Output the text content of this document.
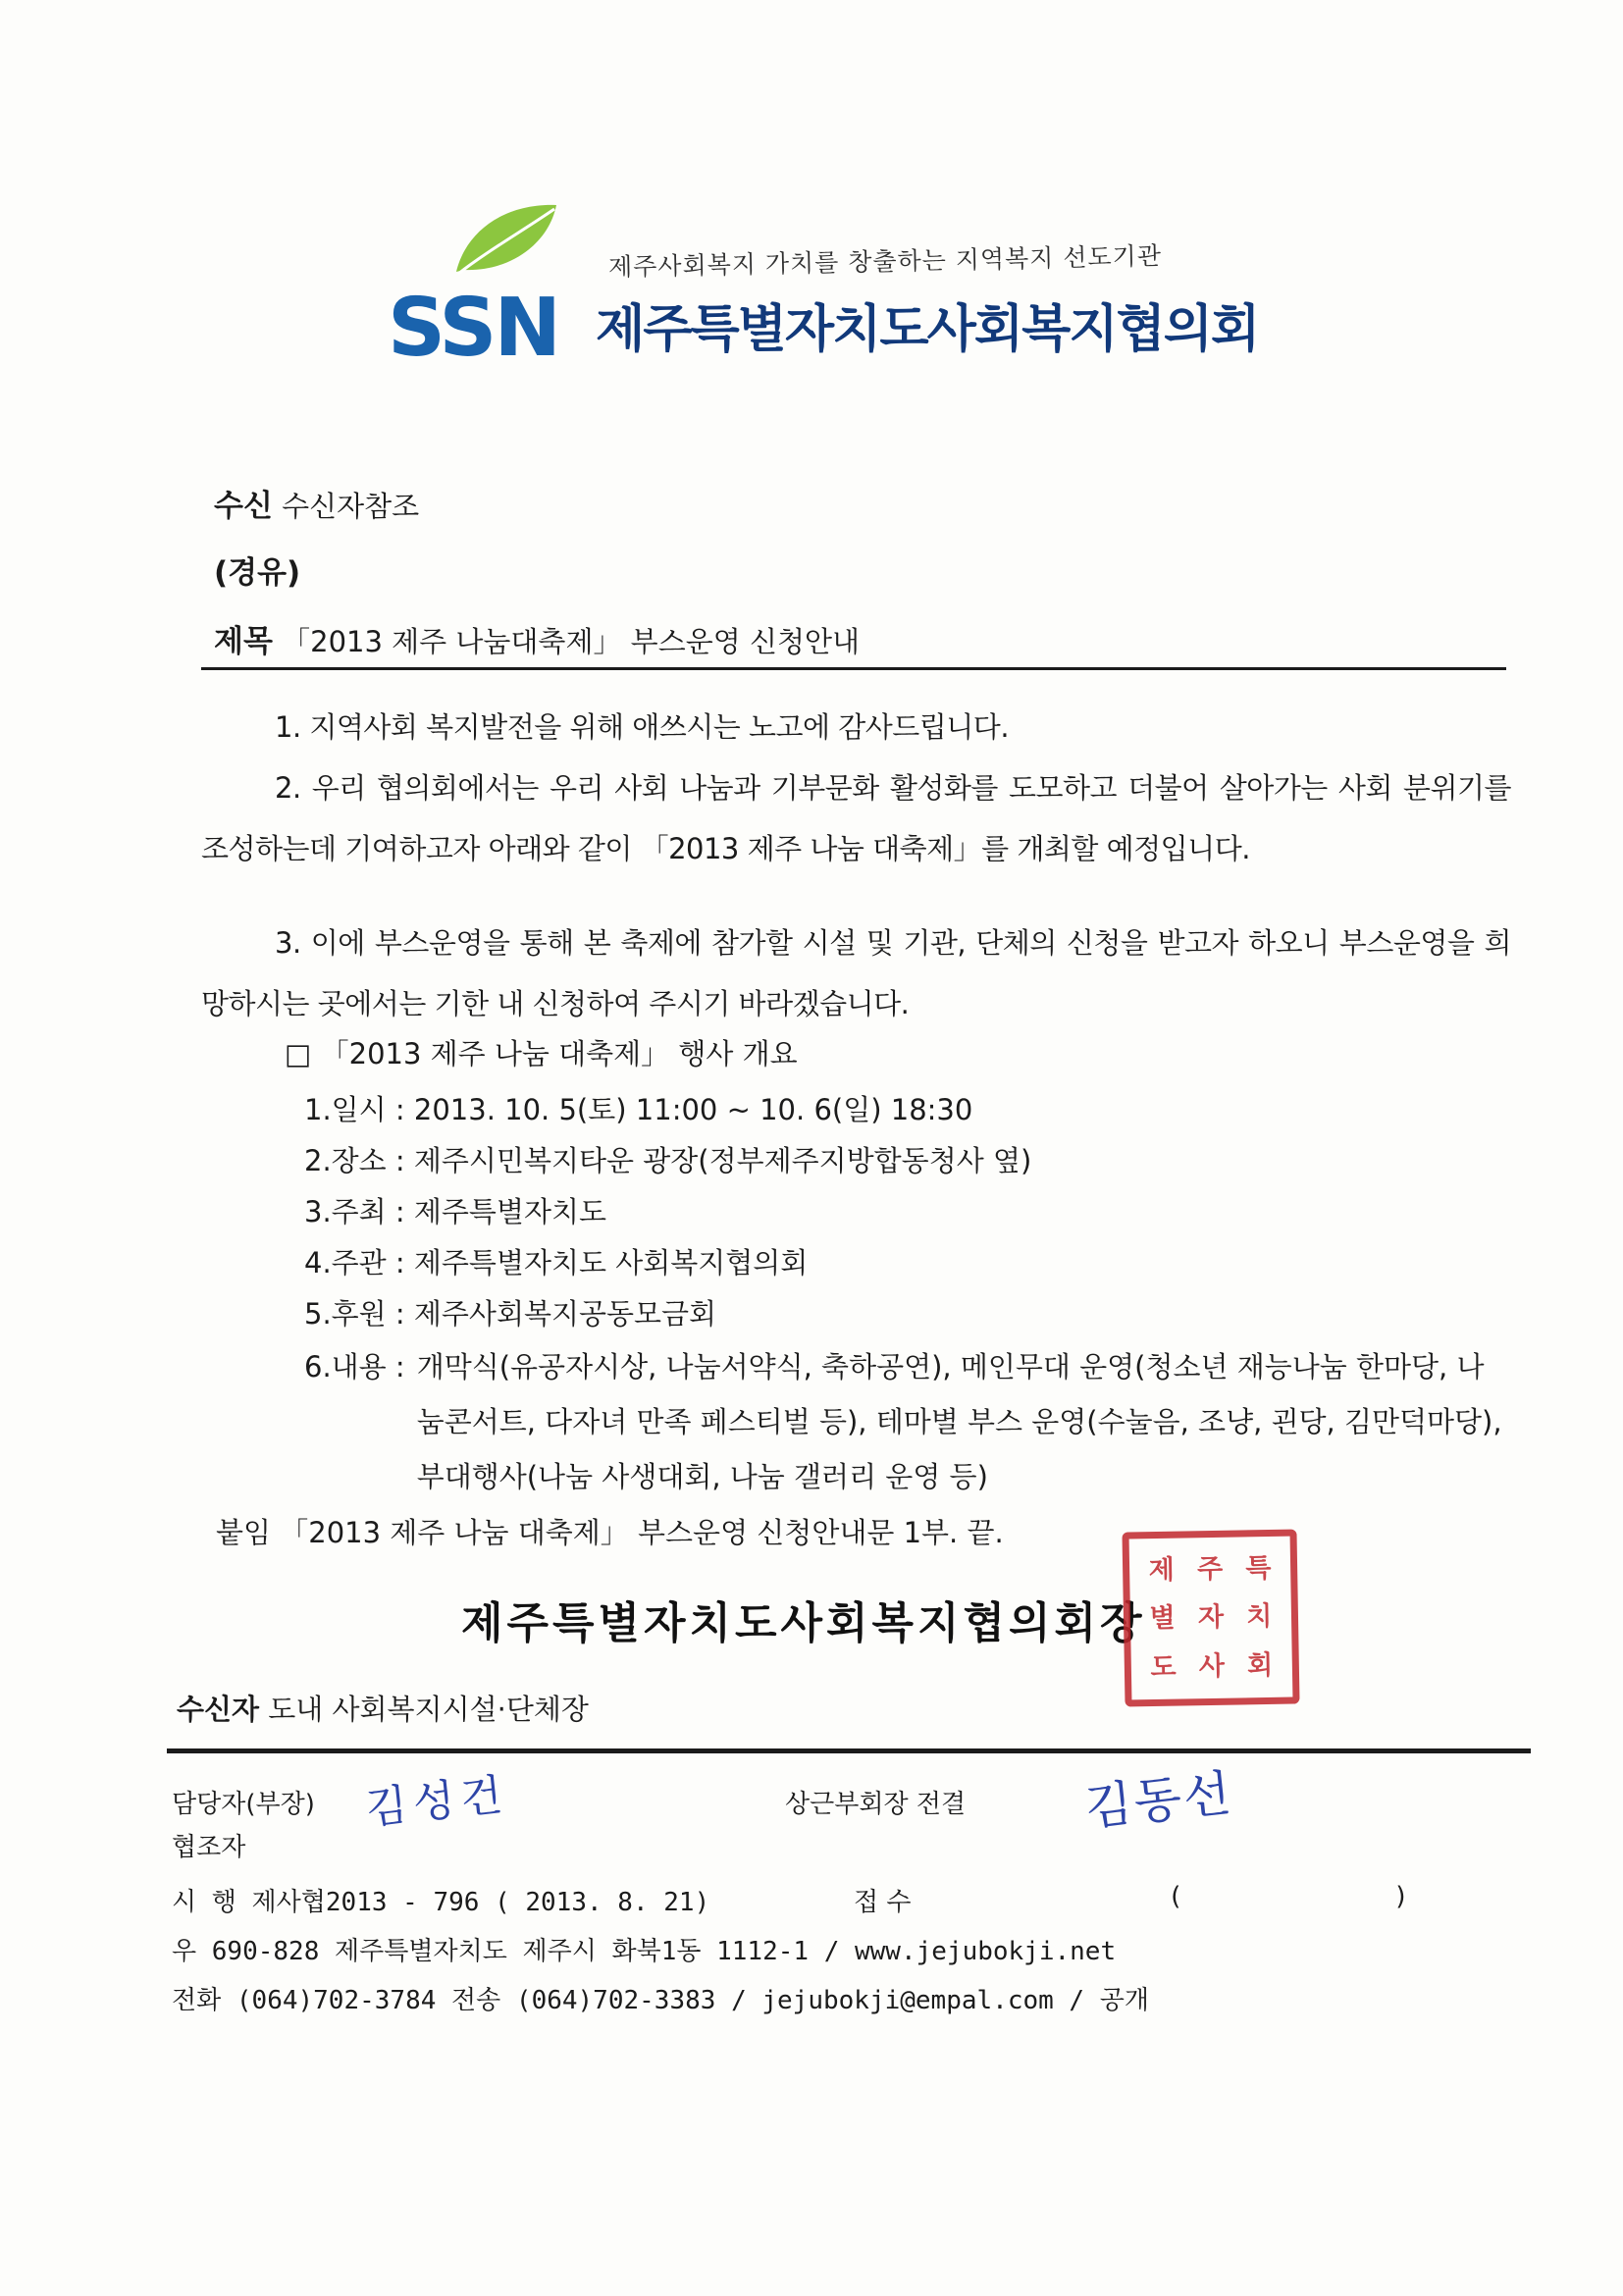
제주사회복지 가치를 창출하는 지역복지 선도기관
SSN 제주특별자치도사회복지협의회
수신 수신자참조
(경유)
제목 「2013 제주 나눔대축제」 부스운영 신청안내
1. 지역사회 복지발전을 위해 애쓰시는 노고에 감사드립니다.
2. 우리 협의회에서는 우리 사회 나눔과 기부문화 활성화를 도모하고 더불어 살아가는 사회 분위기를 조성하는데 기여하고자 아래와 같이 「2013 제주 나눔 대축제」를 개최할 예정입니다.
3. 이에 부스운영을 통해 본 축제에 참가할 시설 및 기관, 단체의 신청을 받고자 하오니 부스운영을 희망하시는 곳에서는 기한 내 신청하여 주시기 바라겠습니다.
□ 「2013 제주 나눔 대축제」 행사 개요
1.일시 : 2013. 10. 5(토) 11:00 ~ 10. 6(일) 18:30
2.장소 : 제주시민복지타운 광장(정부제주지방합동청사 옆)
3.주최 : 제주특별자치도
4.주관 : 제주특별자치도 사회복지협의회
5.후원 : 제주사회복지공동모금회
6.내용 : 개막식(유공자시상, 나눔서약식, 축하공연), 메인무대 운영(청소년 재능나눔 한마당, 나눔콘서트, 다자녀 만족 페스티벌 등), 테마별 부스 운영(수눌음, 조냥, 괸당, 김만덕마당), 부대행사(나눔 사생대회, 나눔 갤러리 운영 등)
붙임 「2013 제주 나눔 대축제」 부스운영 신청안내문 1부. 끝.
제주특별자치도사회복지협의회장
제 주 특
별 자 치
도 사 회
수신자 도내 사회복지시설·단체장
담당자(부장)	상근부회장 전결
김성건	김동선
협조자
시 행 제사협2013 - 796 ( 2013. 8. 21)	접 수	(	)
우 690-828 제주특별자치도 제주시 화북1동 1112-1 / www.jejubokji.net
전화 (064)702-3784 전송 (064)702-3383 / jejubokji@empal.com / 공개
